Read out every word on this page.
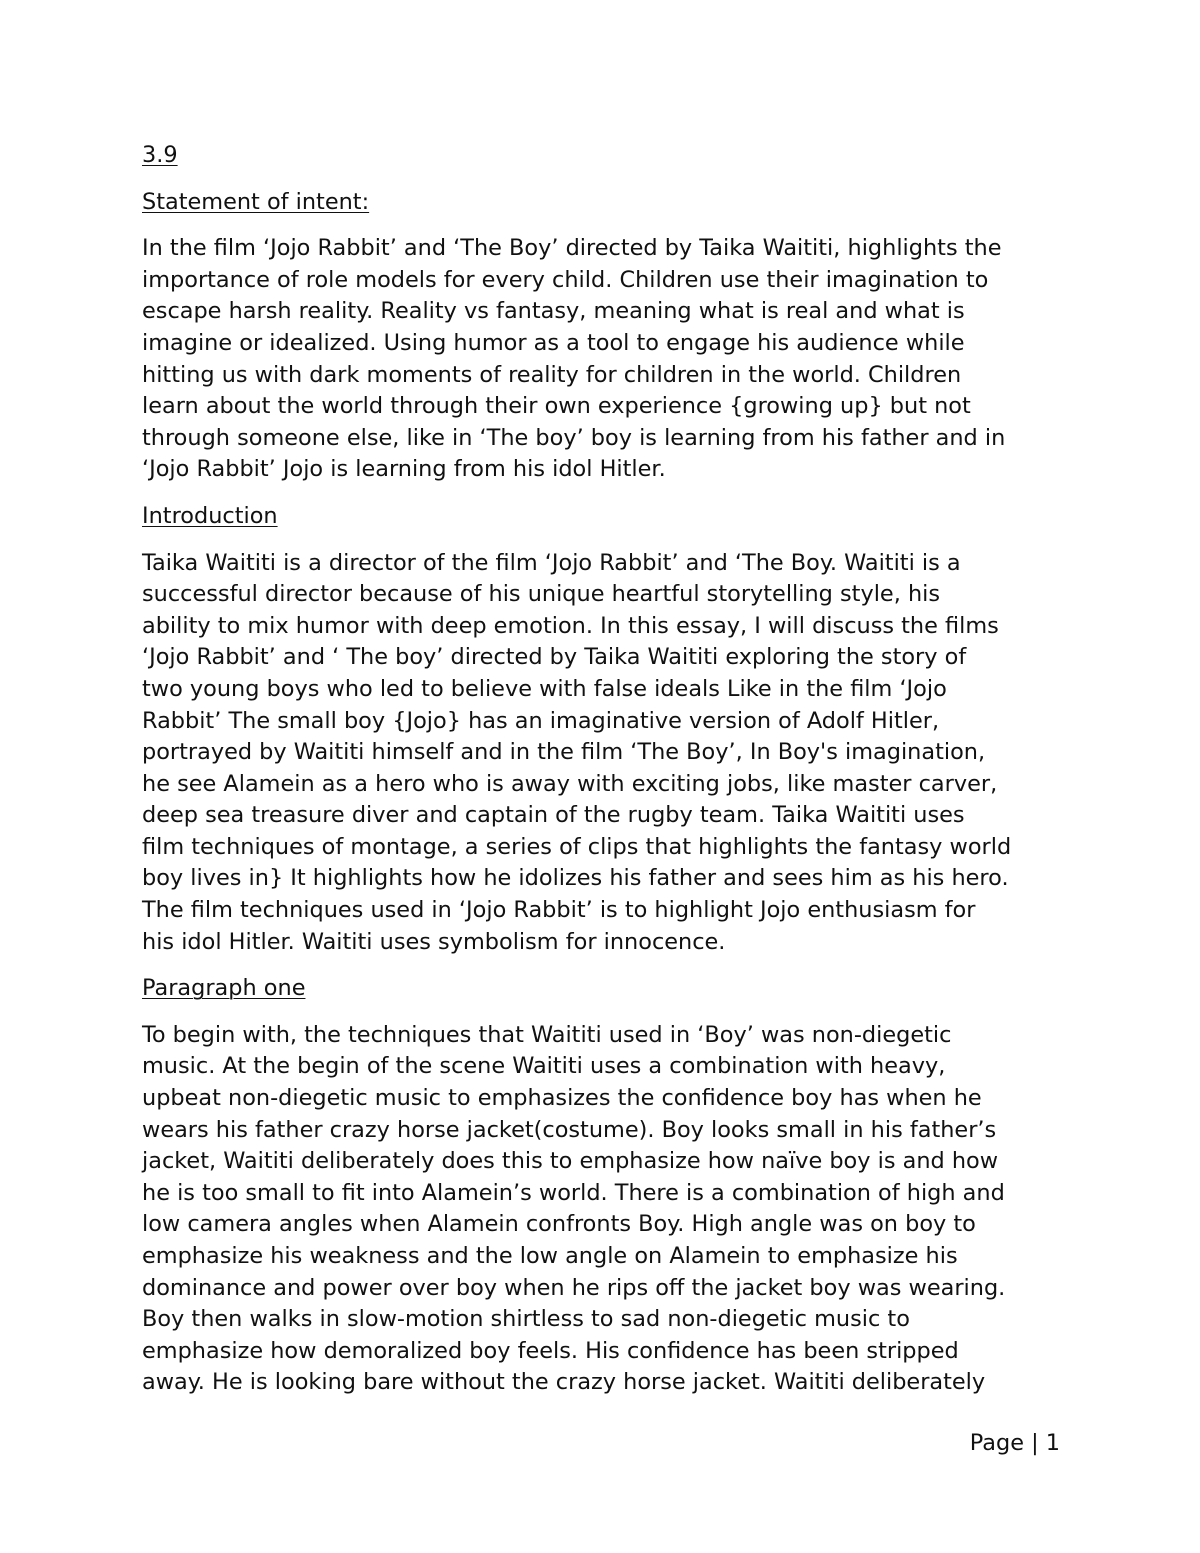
3.9
Statement of intent:
In the film ‘Jojo Rabbit’ and ‘The Boy’ directed by Taika Waititi, highlights the
importance of role models for every child. Children use their imagination to
escape harsh reality. Reality vs fantasy, meaning what is real and what is
imagine or idealized. Using humor as a tool to engage his audience while
hitting us with dark moments of reality for children in the world. Children
learn about the world through their own experience {growing up} but not
through someone else, like in ‘The boy’ boy is learning from his father and in
‘Jojo Rabbit’ Jojo is learning from his idol Hitler.
Introduction
Taika Waititi is a director of the film ‘Jojo Rabbit’ and ‘The Boy. Waititi is a
successful director because of his unique heartful storytelling style, his
ability to mix humor with deep emotion. In this essay, I will discuss the films
‘Jojo Rabbit’ and ‘ The boy’ directed by Taika Waititi exploring the story of
two young boys who led to believe with false ideals Like in the film ‘Jojo
Rabbit’ The small boy {Jojo} has an imaginative version of Adolf Hitler,
portrayed by Waititi himself and in the film ‘The Boy’, In Boy's imagination,
he see Alamein as a hero who is away with exciting jobs, like master carver,
deep sea treasure diver and captain of the rugby team. Taika Waititi uses
film techniques of montage, a series of clips that highlights the fantasy world
boy lives in} It highlights how he idolizes his father and sees him as his hero.
The film techniques used in ‘Jojo Rabbit’ is to highlight Jojo enthusiasm for
his idol Hitler. Waititi uses symbolism for innocence.
Paragraph one
To begin with, the techniques that Waititi used in ‘Boy’ was non-diegetic
music. At the begin of the scene Waititi uses a combination with heavy,
upbeat non-diegetic music to emphasizes the confidence boy has when he
wears his father crazy horse jacket(costume). Boy looks small in his father’s
jacket, Waititi deliberately does this to emphasize how naïve boy is and how
he is too small to fit into Alamein’s world. There is a combination of high and
low camera angles when Alamein confronts Boy. High angle was on boy to
emphasize his weakness and the low angle on Alamein to emphasize his
dominance and power over boy when he rips off the jacket boy was wearing.
Boy then walks in slow-motion shirtless to sad non-diegetic music to
emphasize how demoralized boy feels. His confidence has been stripped
away. He is looking bare without the crazy horse jacket. Waititi deliberately
Page | 1
